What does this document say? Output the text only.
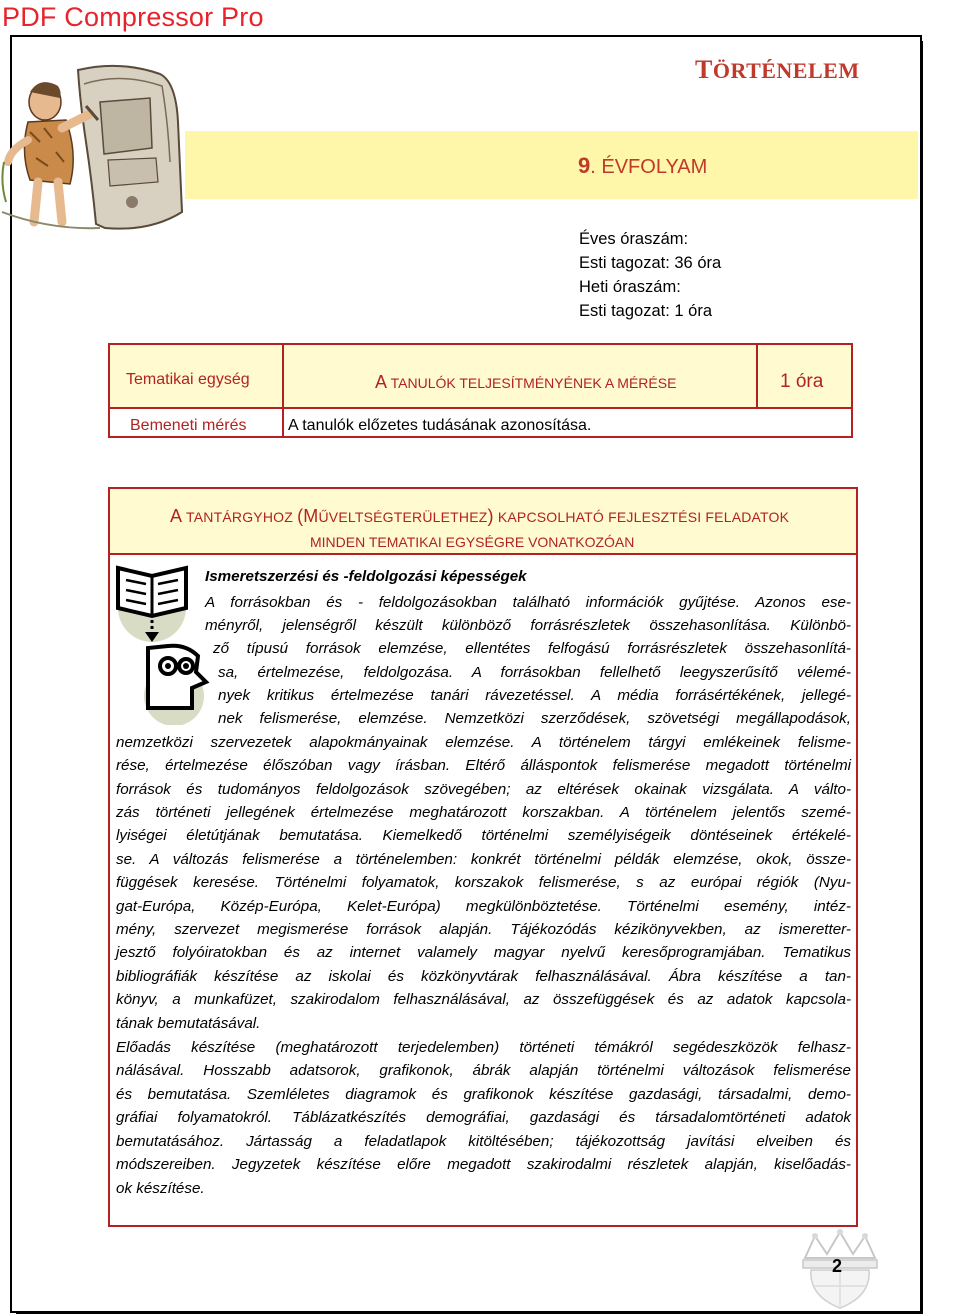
PDF Compressor Pro
TÖRTÉNELEM
9. ÉVFOLYAM
Éves óraszám:
Esti tagozat: 36 óra
Heti óraszám:
Esti tagozat: 1 óra
Tematikai egység	A TANULÓK TELJESÍTMÉNYÉNEK A MÉRÉSE	1 óra
Bemeneti mérés	A tanulók előzetes tudásának azonosítása.
A TANTÁRGYHOZ (MŰVELTSÉGTERÜLETHEZ) KAPCSOLHATÓ FEJLESZTÉSI FELADATOK
MINDEN TEMATIKAI EGYSÉGRE VONATKOZÓAN
Ismeretszerzési és -feldolgozási képességek
A forrásokban és - feldolgozásokban található információk gyűjtése. Azonos ese-
ményről, jelenségről készült különböző forrásrészletek összehasonlítása. Különbö-
ző típusú források elemzése, ellentétes felfogású forrásrészletek összehasonlítá-
sa, értelmezése, feldolgozása. A forrásokban fellelhető leegyszerűsítő vélemé-
nyek kritikus értelmezése tanári rávezetéssel. A média forrásértékének, jellegé-
nek felismerése, elemzése. Nemzetközi szerződések, szövetségi megállapodások,
nemzetközi szervezetek alapokmányainak elemzése. A történelem tárgyi emlékeinek felisme-
rése, értelmezése élőszóban vagy írásban. Eltérő álláspontok felismerése megadott történelmi
források és tudományos feldolgozások szövegében; az eltérések okainak vizsgálata. A válto-
zás történeti jellegének értelmezése meghatározott korszakban. A történelem jelentős szemé-
lyiségei életútjának bemutatása. Kiemelkedő történelmi személyiségeik döntéseinek értékelé-
se. A változás felismerése a történelemben: konkrét történelmi példák elemzése, okok, össze-
függések keresése. Történelmi folyamatok, korszakok felismerése, s az európai régiók (Nyu-
gat-Európa, Közép-Európa, Kelet-Európa) megkülönböztetése. Történelmi esemény, intéz-
mény, szervezet megismerése források alapján. Tájékozódás kézikönyvekben, az ismeretter-
jesztő folyóiratokban és az internet valamely magyar nyelvű keresőprogramjában. Tematikus
bibliográfiák készítése az iskolai és közkönyvtárak felhasználásával. Ábra készítése a tan-
könyv, a munkafüzet, szakirodalom felhasználásával, az összefüggések és az adatok kapcsola-
tának bemutatásával.
Előadás készítése (meghatározott terjedelemben) történeti témákról segédeszközök felhasz-
nálásával. Hosszabb adatsorok, grafikonok, ábrák alapján történelmi változások felismerése
és bemutatása. Szemléletes diagramok és grafikonok készítése gazdasági, társadalmi, demo-
gráfiai folyamatokról. Táblázatkészítés demográfiai, gazdasági és társadalomtörténeti adatok
bemutatásához. Jártasság a feladatlapok kitöltésében; tájékozottság javítási elveiben és
módszereiben. Jegyzetek készítése előre megadott szakirodalmi részletek alapján, kiselőadás-
ok készítése.
2
